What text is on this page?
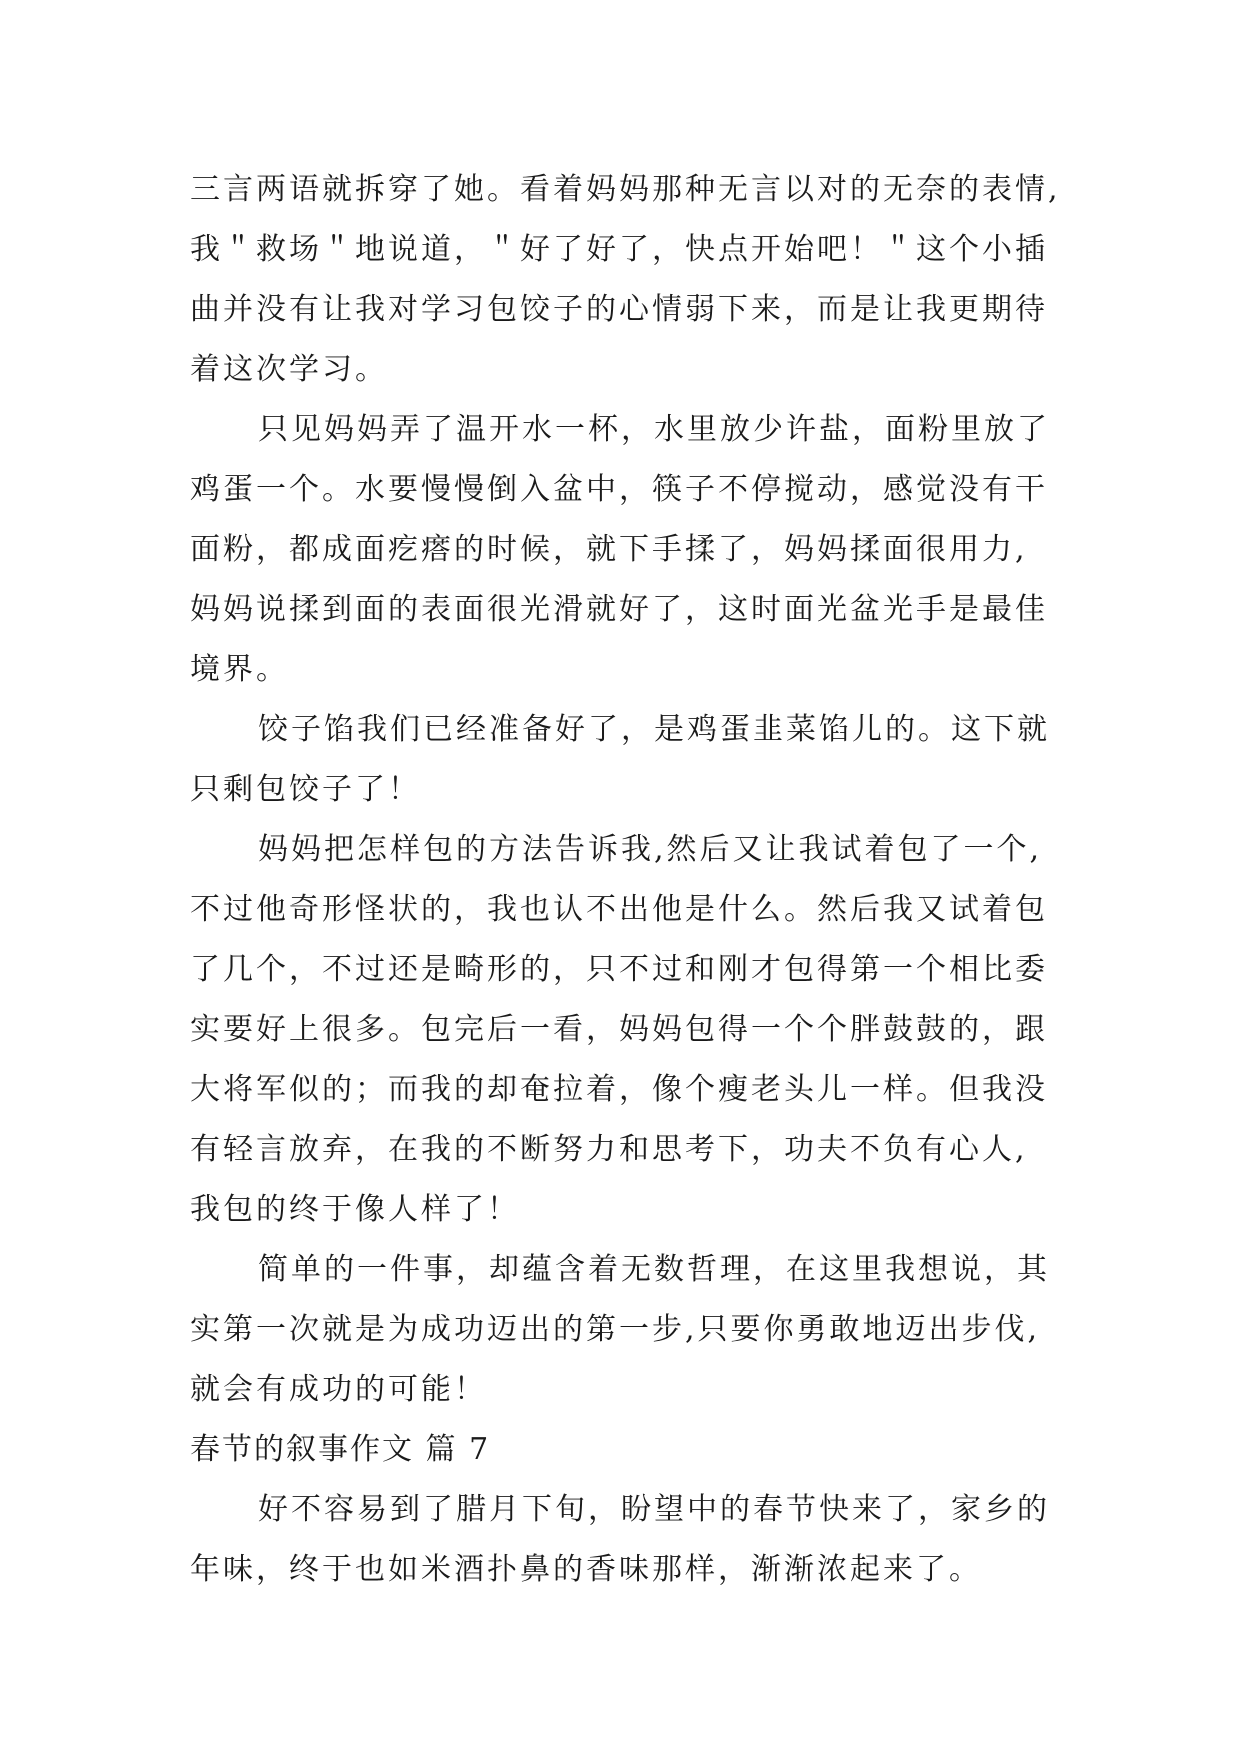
三言两语就拆穿了她。看着妈妈那种无言以对的无奈的表情,
我＂救场＂地说道，＂好了好了，快点开始吧！＂这个小插
曲并没有让我对学习包饺子的心情弱下来，而是让我更期待
着这次学习。
只见妈妈弄了温开水一杯，水里放少许盐，面粉里放了
鸡蛋一个。水要慢慢倒入盆中，筷子不停搅动，感觉没有干
面粉，都成面疙瘩的时候，就下手揉了，妈妈揉面很用力,
妈妈说揉到面的表面很光滑就好了，这时面光盆光手是最佳
境界。
饺子馅我们已经准备好了，是鸡蛋韭菜馅儿的。这下就
只剩包饺子了！
妈妈把怎样包的方法告诉我,然后又让我试着包了一个,
不过他奇形怪状的，我也认不出他是什么。然后我又试着包
了几个，不过还是畸形的，只不过和刚才包得第一个相比委
实要好上很多。包完后一看，妈妈包得一个个胖鼓鼓的，跟
大将军似的；而我的却奄拉着，像个瘦老头儿一样。但我没
有轻言放弃，在我的不断努力和思考下，功夫不负有心人,
我包的终于像人样了！
简单的一件事，却蕴含着无数哲理，在这里我想说，其
实第一次就是为成功迈出的第一步,只要你勇敢地迈出步伐,
就会有成功的可能！
春节的叙事作文 篇 7
好不容易到了腊月下旬，盼望中的春节快来了，家乡的
年味，终于也如米酒扑鼻的香味那样，渐渐浓起来了。
